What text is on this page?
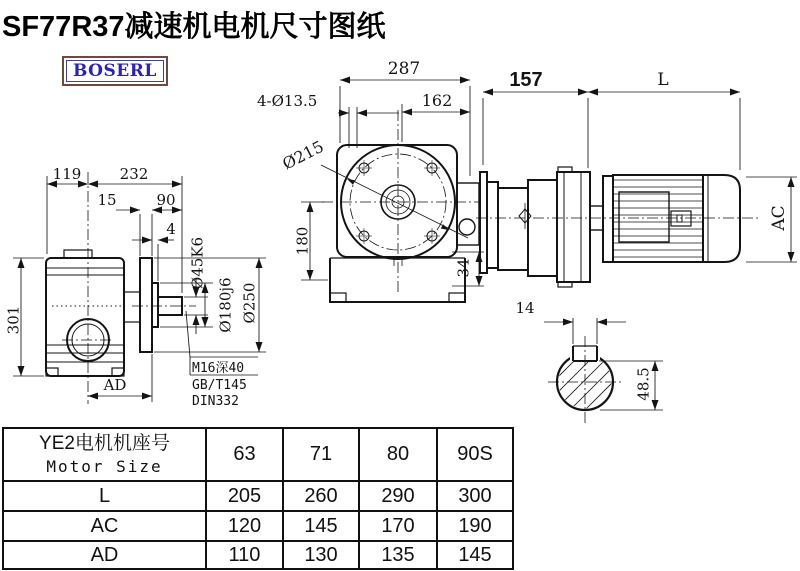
SF77R37减速机电机尺寸图纸
BOSERL
119	232
15	90
4
Ø45K6
Ø180j6 Ø250
301
AD
M16深40
GB/T145
DIN332
287
162
4-Ø13.5
Ø215
180
34
157	L
AC
14
48.5
YE2电机机座号
Motor Size	63	71	80	90S
L	205	260	290	300
AC	120	145	170	190
AD	110	130	135	145
